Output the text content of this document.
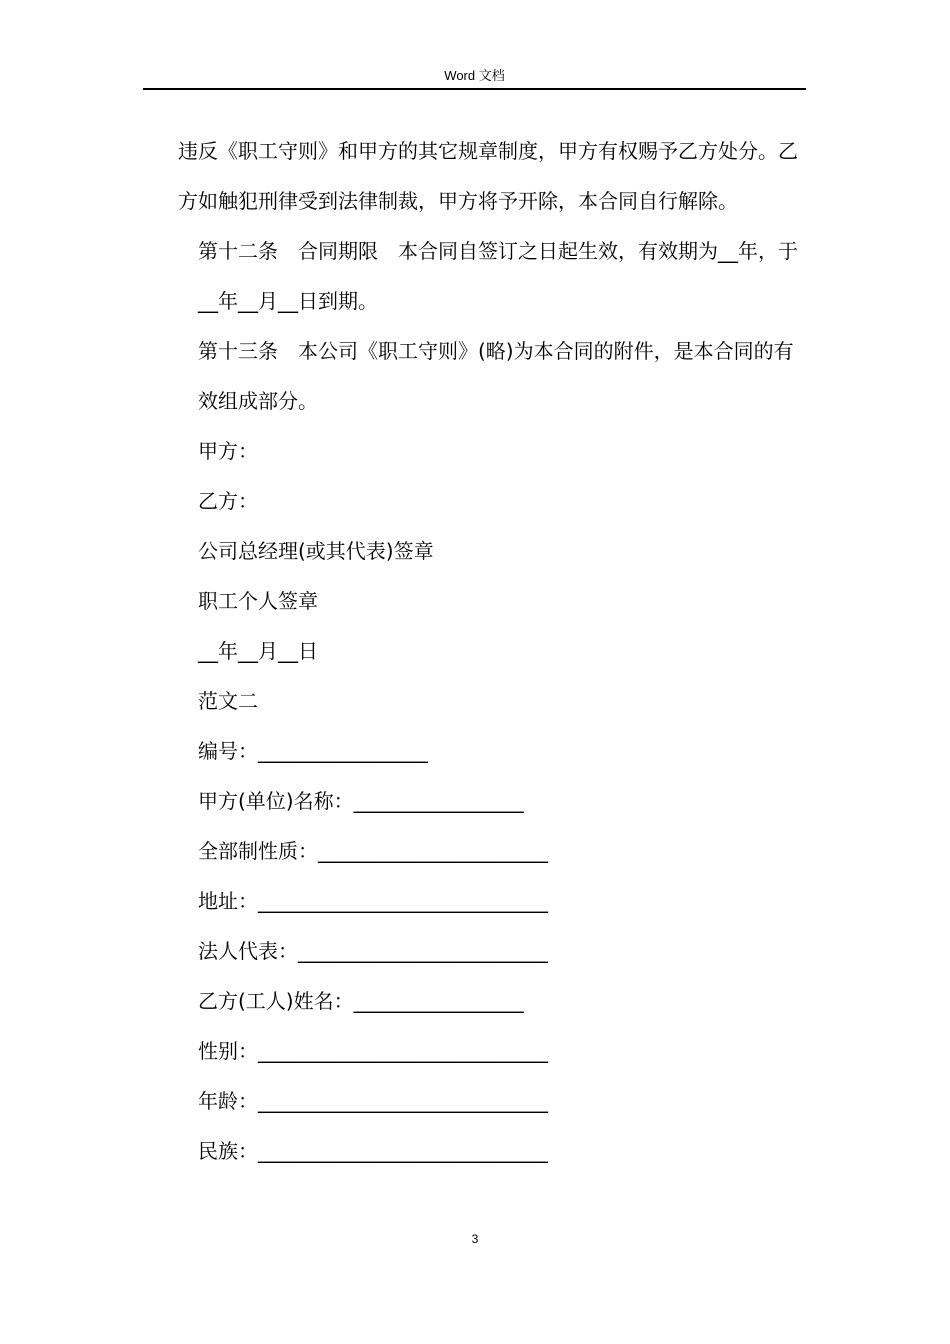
Word 文档

违反《职工守则》和甲方的其它规章制度，甲方有权赐予乙方处分。乙方如触犯刑律受到法律制裁，甲方将予开除，本合同自行解除。

第十二条　合同期限　本合同自签订之日起生效，有效期为__年，于__年__月__日到期。

第十三条　本公司《职工守则》(略)为本合同的附件，是本合同的有效组成部分。

甲方：

乙方：

公司总经理(或其代表)签章

职工个人签章

__年__月__日

范文二

编号：_________________

甲方(单位)名称：_________________

全部制性质：_______________________

地址：_____________________________

法人代表：_________________________

乙方(工人)姓名：_________________

性别：_____________________________

年龄：_____________________________

民族：_____________________________

3
